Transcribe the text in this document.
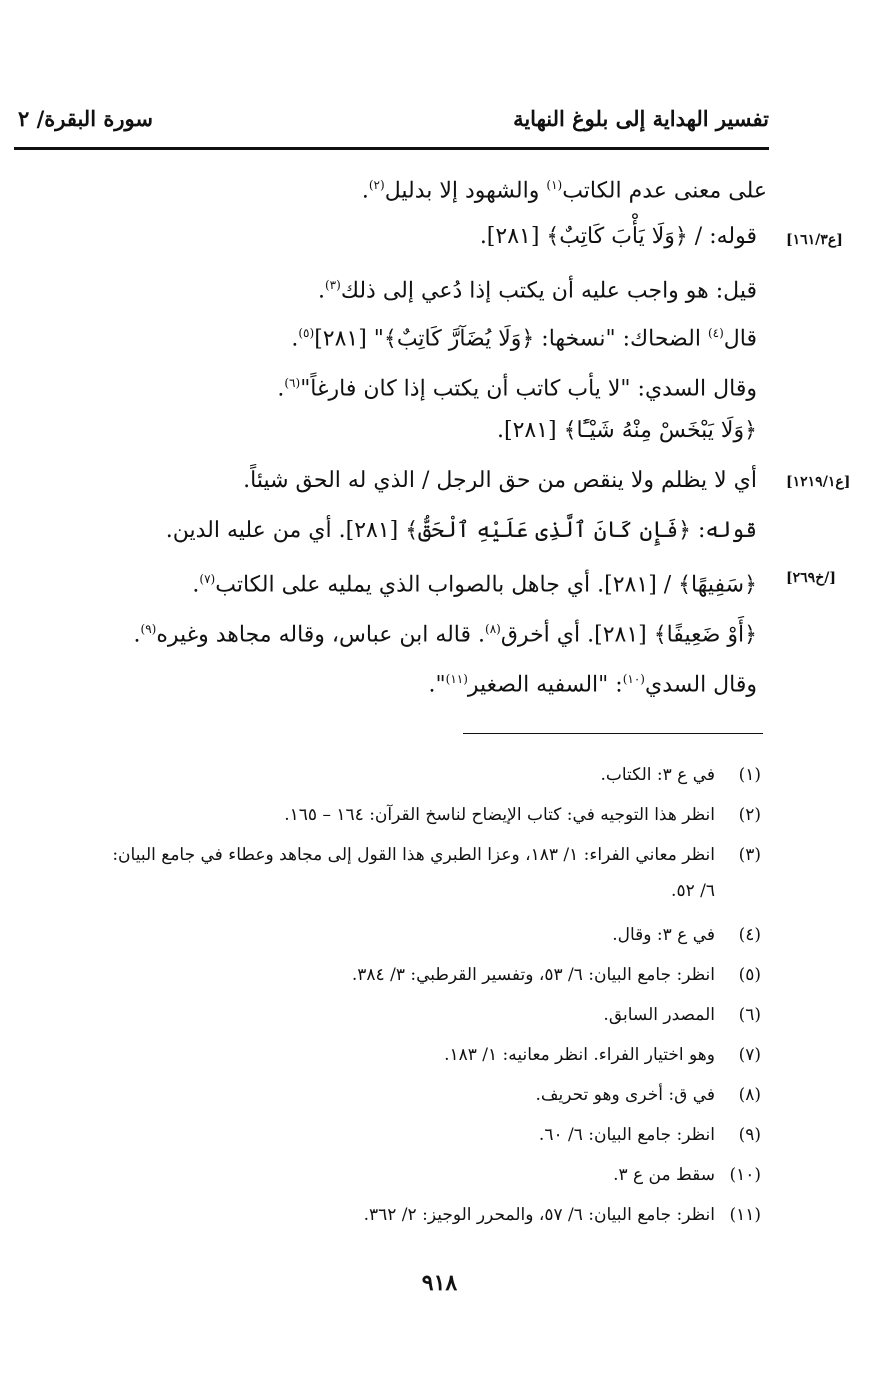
تفسير الهداية إلى بلوغ النهاية
سورة البقرة/ ٢
[ع١٦١/٣]
[ع١٢١٩/١]
[خ٢٦٩/]
على معنى عدم الكاتب$^{(١)}$ والشهود إلا بدليل$^{(٢)}$.
قوله: / ﴿وَلَا يَأْبَ كَاتِبٌ﴾ [٢٨١].
قيل: هو واجب عليه أن يكتب إذا دُعي إلى ذلك$^{(٣)}$.
قال$^{(٤)}$ الضحاك: "نسخها: ﴿وَلَا يُضَآرَّ كَاتِبٌ﴾" [٢٨١]$^{(٥)}$.
وقال السدي: "لا يأب كاتب أن يكتب إذا كان فارغاً"$^{(٦)}$.
﴿وَلَا يَبْخَسْ مِنْهُ شَيْـًٔا﴾ [٢٨١].
أي لا يظلم ولا ينقص من حق الرجل / الذي له الحق شيئاً.
قوله: ﴿فَإِن كَانَ ٱلَّذِى عَلَيْهِ ٱلْحَقُّ﴾ [٢٨١]. أي من عليه الدين.
﴿سَفِيهًا﴾ / [٢٨١]. أي جاهل بالصواب الذي يمليه على الكاتب$^{(٧)}$.
﴿أَوْ ضَعِيفًا﴾ [٢٨١]. أي أخرق$^{(٨)}$. قاله ابن عباس، وقاله مجاهد وغيره$^{(٩)}$.
وقال السدي$^{(١٠)}$: "السفيه الصغير$^{(١١)}$".
(١)في ع ٣: الكتاب.
(٢)انظر هذا التوجيه في: كتاب الإيضاح لناسخ القرآن: ١٦٤ – ١٦٥.
(٣)انظر معاني الفراء: ١/ ١٨٣، وعزا الطبري هذا القول إلى مجاهد وعطاء في جامع البيان:
٦/ ٥٢.
(٤)في ع ٣: وقال.
(٥)انظر: جامع البيان: ٦/ ٥٣، وتفسير القرطبي: ٣/ ٣٨٤.
(٦)المصدر السابق.
(٧)وهو اختيار الفراء. انظر معانيه: ١/ ١٨٣.
(٨)في ق: أخرى وهو تحريف.
(٩)انظر: جامع البيان: ٦/ ٦٠.
(١٠)سقط من ع ٣.
(١١)انظر: جامع البيان: ٦/ ٥٧، والمحرر الوجيز: ٢/ ٣٦٢.
٩١٨
